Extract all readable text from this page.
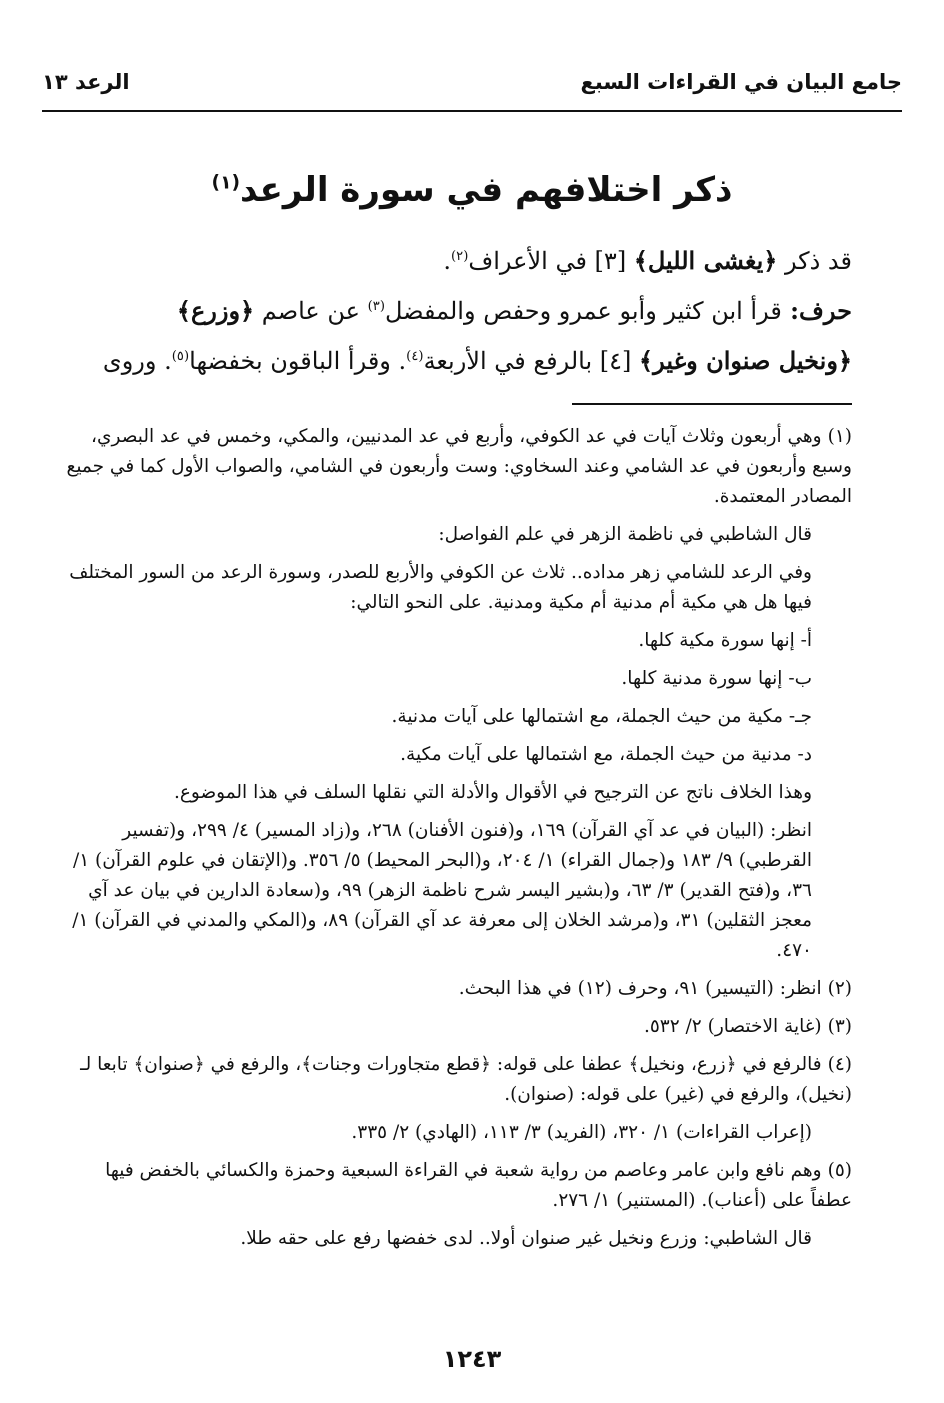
جامع البيان في القراءات السبع
الرعد ١٣
ذكر اختلافهم في سورة الرعد$^{(١)}$

قد ذكر ﴿يغشى الليل﴾ [٣] في الأعراف$^{(٢)}$.

حرف: قرأ ابن كثير وأبو عمرو وحفص والمفضل$^{(٣)}$ عن عاصم ﴿وزرع﴾

﴿ونخيل صنوان وغير﴾ [٤] بالرفع في الأربعة$^{(٤)}$. وقرأ الباقون بخفضها$^{(٥)}$. وروى

(١)وهي أربعون وثلاث آيات في عد الكوفي، وأربع في عد المدنيين، والمكي، وخمس في عد البصري، وسبع وأربعون في عد الشامي وعند السخاوي: وست وأربعون في الشامي، والصواب الأول كما في جميع المصادر المعتمدة.

قال الشاطبي في ناظمة الزهر في علم الفواصل:

وفي الرعد للشامي زهر مداده.. ثلاث عن الكوفي والأربع للصدر، وسورة الرعد من السور المختلف فيها هل هي مكية أم مدنية أم مكية ومدنية. على النحو التالي:

أ- إنها سورة مكية كلها.

ب- إنها سورة مدنية كلها.

جـ- مكية من حيث الجملة، مع اشتمالها على آيات مدنية.

د- مدنية من حيث الجملة، مع اشتمالها على آيات مكية.

وهذا الخلاف ناتج عن الترجيح في الأقوال والأدلة التي نقلها السلف في هذا الموضوع.

انظر: (البيان في عد آي القرآن) ١٦٩، و(فنون الأفنان) ٢٦٨، و(زاد المسير) ٤/ ٢٩٩، و(تفسير القرطبي) ٩/ ١٨٣ و(جمال القراء) ١/ ٢٠٤، و(البحر المحيط) ٥/ ٣٥٦. و(الإتقان في علوم القرآن) ١/ ٣٦، و(فتح القدير) ٣/ ٦٣، و(بشير اليسر شرح ناظمة الزهر) ٩٩، و(سعادة الدارين في بيان عد آي معجز الثقلين) ٣١، و(مرشد الخلان إلى معرفة عد آي القرآن) ٨٩، و(المكي والمدني في القرآن) ١/ ٤٧٠.

(٢)انظر: (التيسير) ٩١، وحرف (١٢) في هذا البحث.

(٣)(غاية الاختصار) ٢/ ٥٣٢.

(٤)فالرفع في ﴿زرع، ونخيل﴾ عطفا على قوله: ﴿قطع متجاورات وجنات﴾، والرفع في ﴿صنوان﴾ تابعا لـ (نخيل)، والرفع في (غير) على قوله: (صنوان).

(إعراب القراءات) ١/ ٣٢٠، (الفريد) ٣/ ١١٣، (الهادي) ٢/ ٣٣٥.

(٥)وهم نافع وابن عامر وعاصم من رواية شعبة في القراءة السبعية وحمزة والكسائي بالخفض فيها عطفاً على (أعناب). (المستنير) ١/ ٢٧٦.

قال الشاطبي: وزرع ونخيل غير صنوان أولا.. لدى خفضها رفع على حقه طلا.

١٢٤٣
